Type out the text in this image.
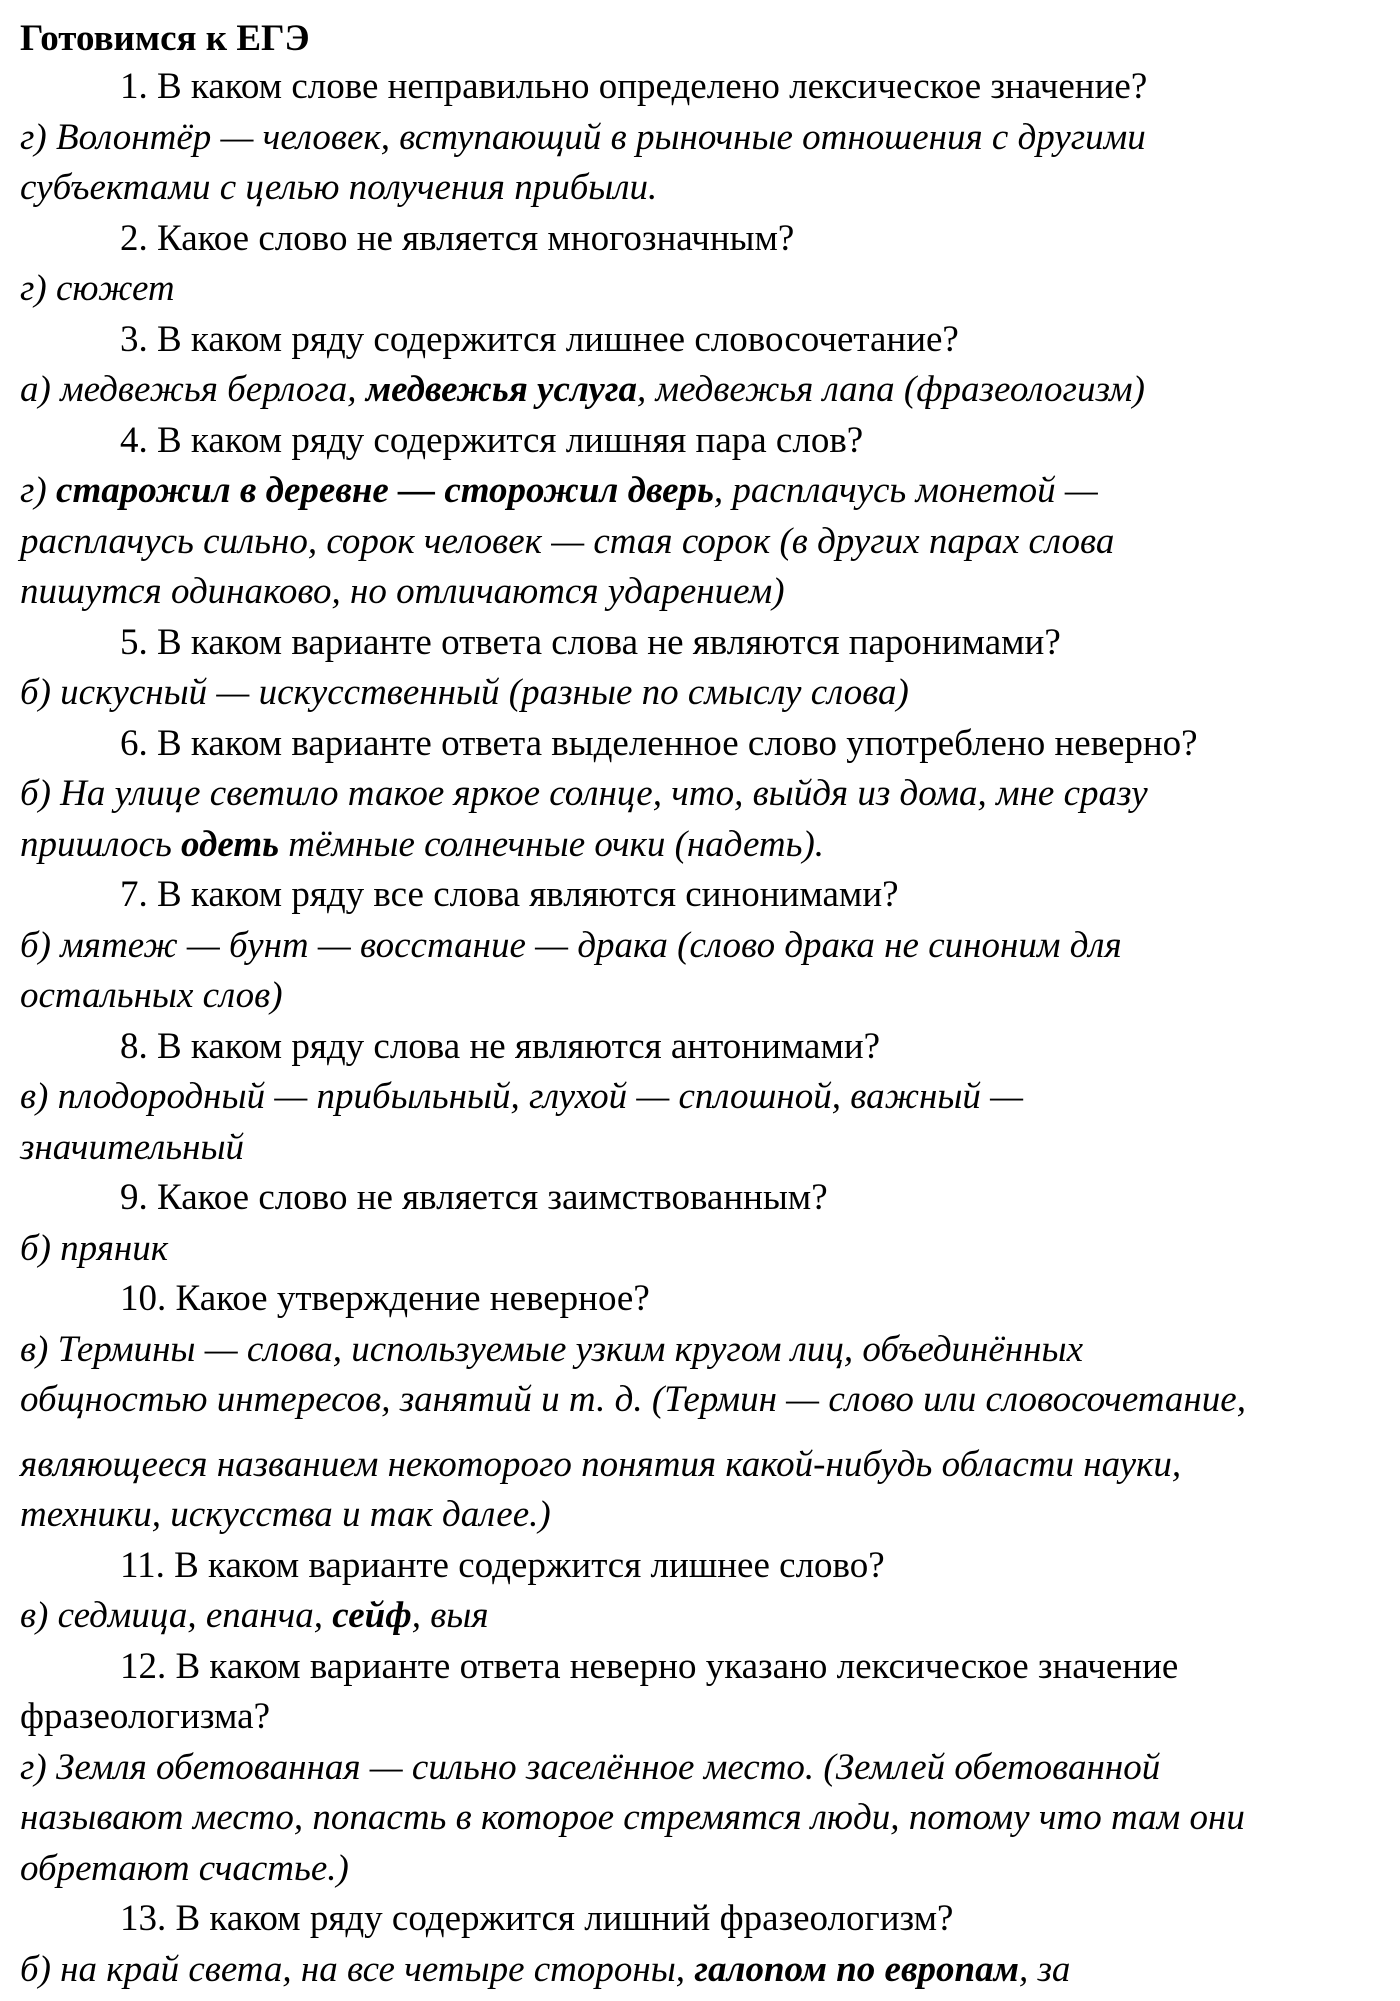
Готовимся к ЕГЭ
1. В каком слове неправильно определено лексическое значение?
г) Волонтёр — человек, вступающий в рыночные отношения с другими
субъектами с целью получения прибыли.
2. Какое слово не является многозначным?
г) сюжет
3. В каком ряду содержится лишнее словосочетание?
а) медвежья берлога, медвежья услуга, медвежья лапа (фразеологизм)
4. В каком ряду содержится лишняя пара слов?
г) старожил в деревне — сторожил дверь, расплачусь монетой —
расплачусь сильно, сорок человек — стая сорок (в других парах слова
пишутся одинаково, но отличаются ударением)
5. В каком варианте ответа слова не являются паронимами?
б) искусный — искусственный (разные по смыслу слова)
6. В каком варианте ответа выделенное слово употреблено неверно?
б) На улице светило такое яркое солнце, что, выйдя из дома, мне сразу
пришлось одеть тёмные солнечные очки (надеть).
7. В каком ряду все слова являются синонимами?
б) мятеж — бунт — восстание — драка (слово драка не синоним для
остальных слов)
8. В каком ряду слова не являются антонимами?
в) плодородный — прибыльный, глухой — сплошной, важный —
значительный
9. Какое слово не является заимствованным?
б) пряник
10. Какое утверждение неверное?
в) Термины — слова, используемые узким кругом лиц, объединённых
общностью интересов, занятий и т. д. (Термин — слово или словосочетание,
являющееся названием некоторого понятия какой-нибудь области науки,
техники, искусства и так далее.)
11. В каком варианте содержится лишнее слово?
в) седмица, епанча, сейф, выя
12. В каком варианте ответа неверно указано лексическое значение фразеологизма?
г) Земля обетованная — сильно заселённое место. (Землей обетованной
называют место, попасть в которое стремятся люди, потому что там они
обретают счастье.)
13. В каком ряду содержится лишний фразеологизм?
б) на край света, на все четыре стороны, галопом по европам, за
